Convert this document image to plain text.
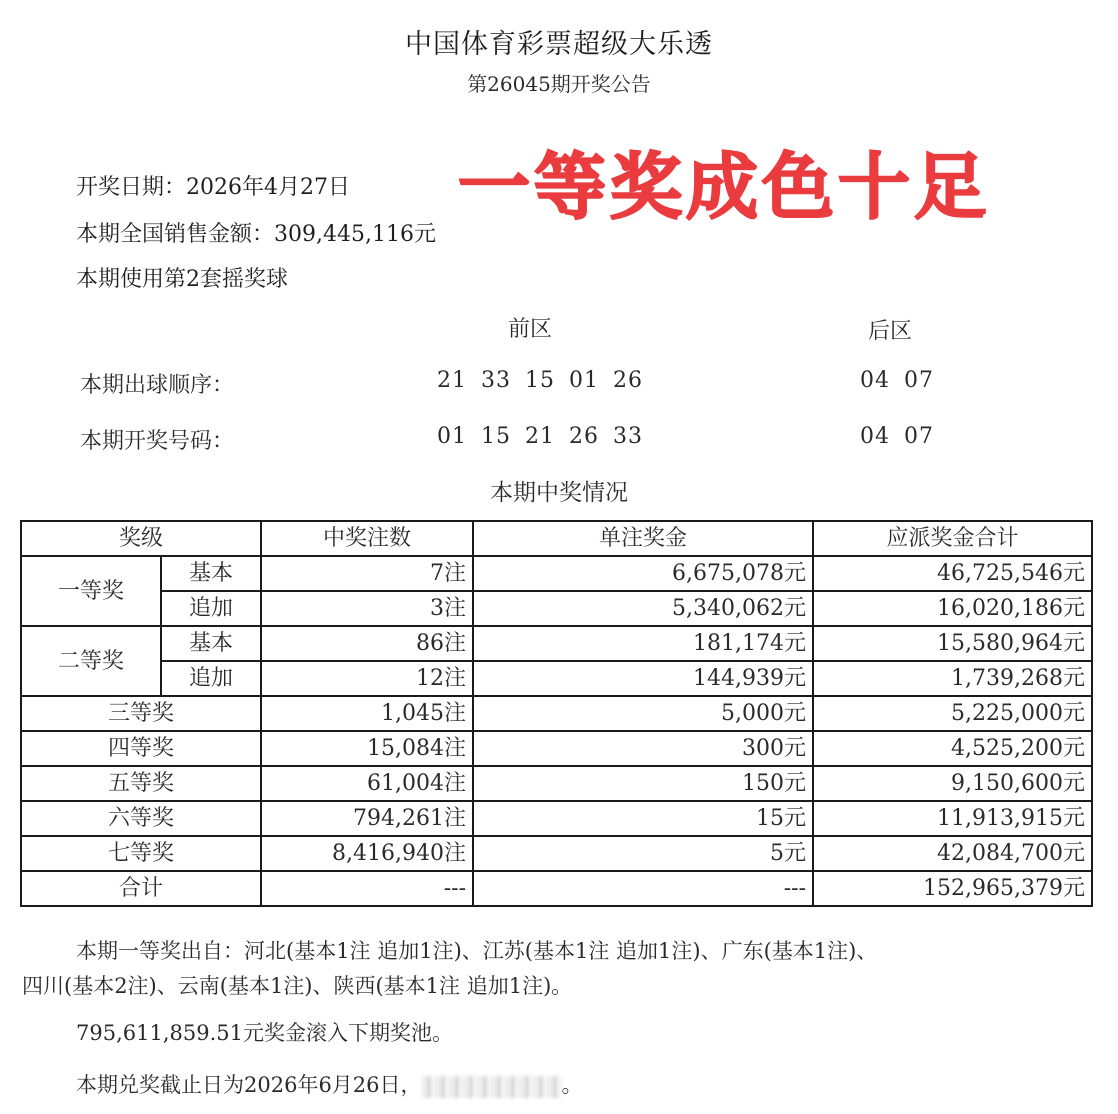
中国体育彩票超级大乐透
第26045期开奖公告
开奖日期：2026年4月27日
本期全国销售金额：309,445,116元
本期使用第2套摇奖球
一等奖成色十足
前区	后区
本期出球顺序：	21 33 15 01 26	04 07
本期开奖号码：	01 15 21 26 33	04 07
本期中奖情况
奖级		中奖注数	单注奖金	应派奖金合计
一等奖	基本	7注	6,675,078元	46,725,546元
	追加	3注	5,340,062元	16,020,186元
二等奖	基本	86注	181,174元	15,580,964元
	追加	12注	144,939元	1,739,268元
三等奖		1,045注	5,000元	5,225,000元
四等奖		15,084注	300元	4,525,200元
五等奖		61,004注	150元	9,150,600元
六等奖		794,261注	15元	11,913,915元
七等奖		8,416,940注	5元	42,084,700元
合计		---	---	152,965,379元
本期一等奖出自：河北(基本1注 追加1注)、江苏(基本1注 追加1注)、广东(基本1注)、
四川(基本2注)、云南(基本1注)、陕西(基本1注 追加1注)。
795,611,859.51元奖金滚入下期奖池。
本期兑奖截止日为2026年6月26日，	。
